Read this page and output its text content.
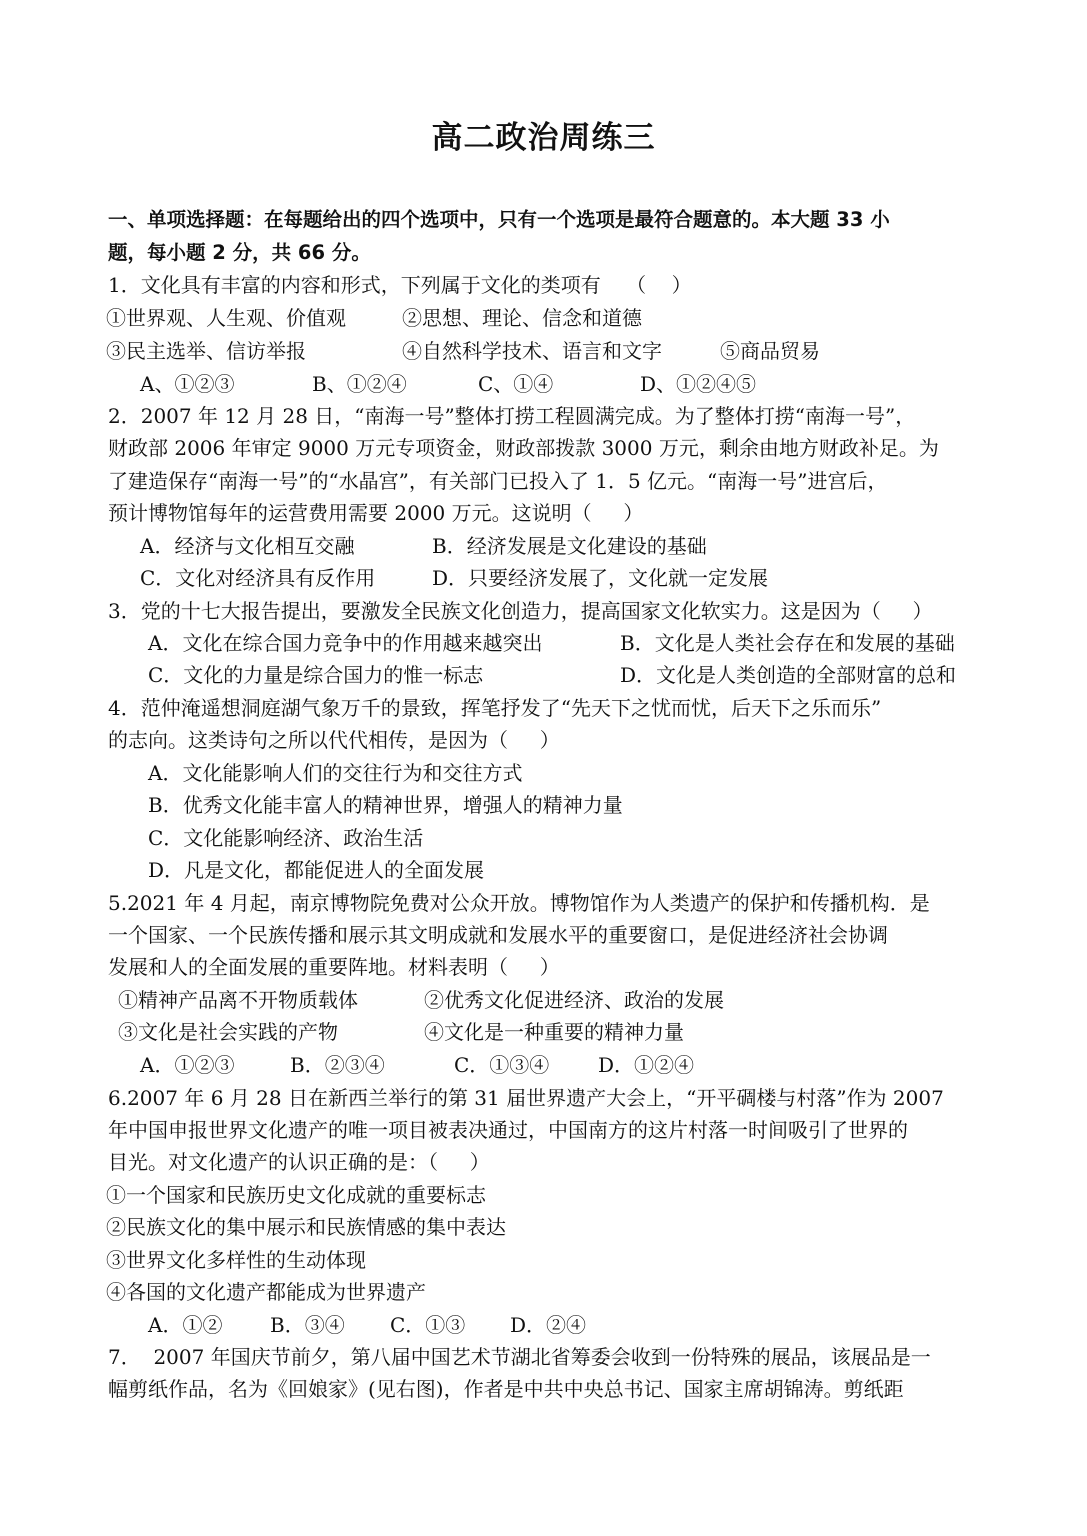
高二政治周练三
一、单项选择题：在每题给出的四个选项中，只有一个选项是最符合题意的。本大题 33 小
题，每小题 2 分，共 66 分。
1．文化具有丰富的内容和形式，下列属于文化的类项有    （    ）
①世界观、人生观、价值观	②思想、理论、信念和道德
③民主选举、信访举报	④自然科学技术、语言和文字	⑤商品贸易
A、①②③	B、①②④	C、①④	D、①②④⑤
2．2007 年 12 月 28 日，“南海一号”整体打捞工程圆满完成。为了整体打捞“南海一号”，
财政部 2006 年审定 9000 万元专项资金，财政部拨款 3000 万元，剩余由地方财政补足。为
了建造保存“南海一号”的“水晶宫”，有关部门已投入了 1．5 亿元。“南海一号”进宫后，
预计博物馆每年的运营费用需要 2000 万元。这说明（     ）
A．经济与文化相互交融	B．经济发展是文化建设的基础
C．文化对经济具有反作用	D．只要经济发展了，文化就一定发展
3．党的十七大报告提出，要激发全民族文化创造力，提高国家文化软实力。这是因为（     ）
A．文化在综合国力竞争中的作用越来越突出	B．文化是人类社会存在和发展的基础
C．文化的力量是综合国力的惟一标志	D．文化是人类创造的全部财富的总和
4．范仲淹遥想洞庭湖气象万千的景致，挥笔抒发了“先天下之忧而忧，后天下之乐而乐”
的志向。这类诗句之所以代代相传，是因为（     ）
A．文化能影响人们的交往行为和交往方式
B．优秀文化能丰富人的精神世界，增强人的精神力量
C．文化能影响经济、政治生活
D．凡是文化，都能促进人的全面发展
5.2021 年 4 月起，南京博物院免费对公众开放。博物馆作为人类遗产的保护和传播机构．是
一个国家、一个民族传播和展示其文明成就和发展水平的重要窗口，是促进经济社会协调
发展和人的全面发展的重要阵地。材料表明（     ）
①精神产品离不开物质载体	②优秀文化促进经济、政治的发展
③文化是社会实践的产物	④文化是一种重要的精神力量
A．①②③	B．②③④	C．①③④ D．①②④
6.2007 年 6 月 28 日在新西兰举行的第 31 届世界遗产大会上，“开平碉楼与村落”作为 2007
年中国申报世界文化遗产的唯一项目被表决通过，中国南方的这片村落一时间吸引了世界的
目光。对文化遗产的认识正确的是：（     ）
①一个国家和民族历史文化成就的重要标志
②民族文化的集中展示和民族情感的集中表达
③世界文化多样性的生动体现
④各国的文化遗产都能成为世界遗产
A．①② B．③④ C．①③ D．②④
7．  2007 年国庆节前夕，第八届中国艺术节湖北省筹委会收到一份特殊的展品，该展品是一
幅剪纸作品，名为《回娘家》(见右图)，作者是中共中央总书记、国家主席胡锦涛。剪纸距
